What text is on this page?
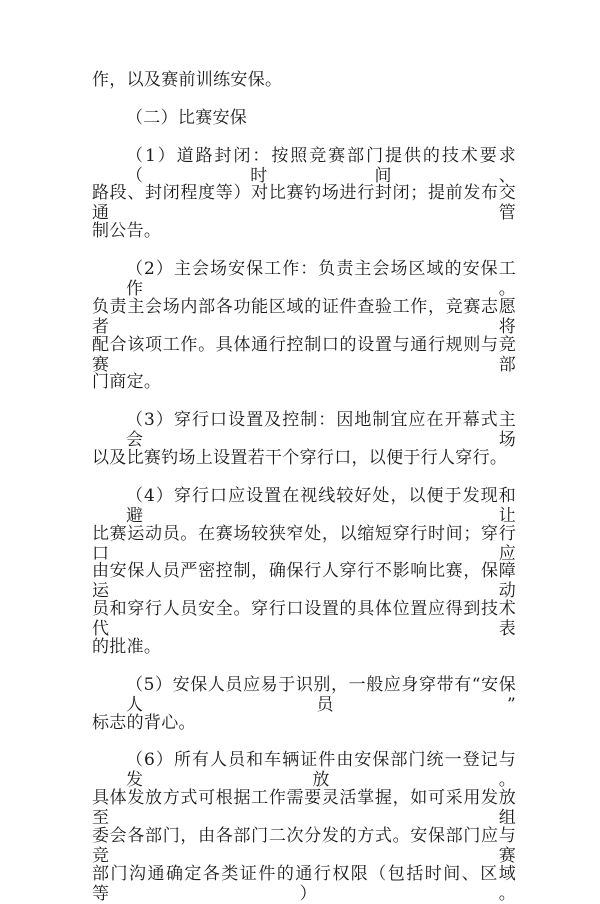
作，以及赛前训练安保。
（二）比赛安保
（1）道路封闭：按照竞赛部门提供的技术要求（时间、
路段、封闭程度等）对比赛钓场进行封闭；提前发布交通管
制公告。
（2）主会场安保工作：负责主会场区域的安保工作。
负责主会场内部各功能区域的证件查验工作，竞赛志愿者将
配合该项工作。具体通行控制口的设置与通行规则与竞赛部
门商定。
（3）穿行口设置及控制：因地制宜应在开幕式主会场
以及比赛钓场上设置若干个穿行口，以便于行人穿行。
（4）穿行口应设置在视线较好处，以便于发现和避让
比赛运动员。在赛场较狭窄处，以缩短穿行时间；穿行口应
由安保人员严密控制，确保行人穿行不影响比赛，保障运动
员和穿行人员安全。穿行口设置的具体位置应得到技术代表
的批准。
（5）安保人员应易于识别，一般应身穿带有“安保人员”
标志的背心。
（6）所有人员和车辆证件由安保部门统一登记与发放。
具体发放方式可根据工作需要灵活掌握，如可采用发放至组
委会各部门，由各部门二次分发的方式。安保部门应与竞赛
部门沟通确定各类证件的通行权限（包括时间、区域等）。
